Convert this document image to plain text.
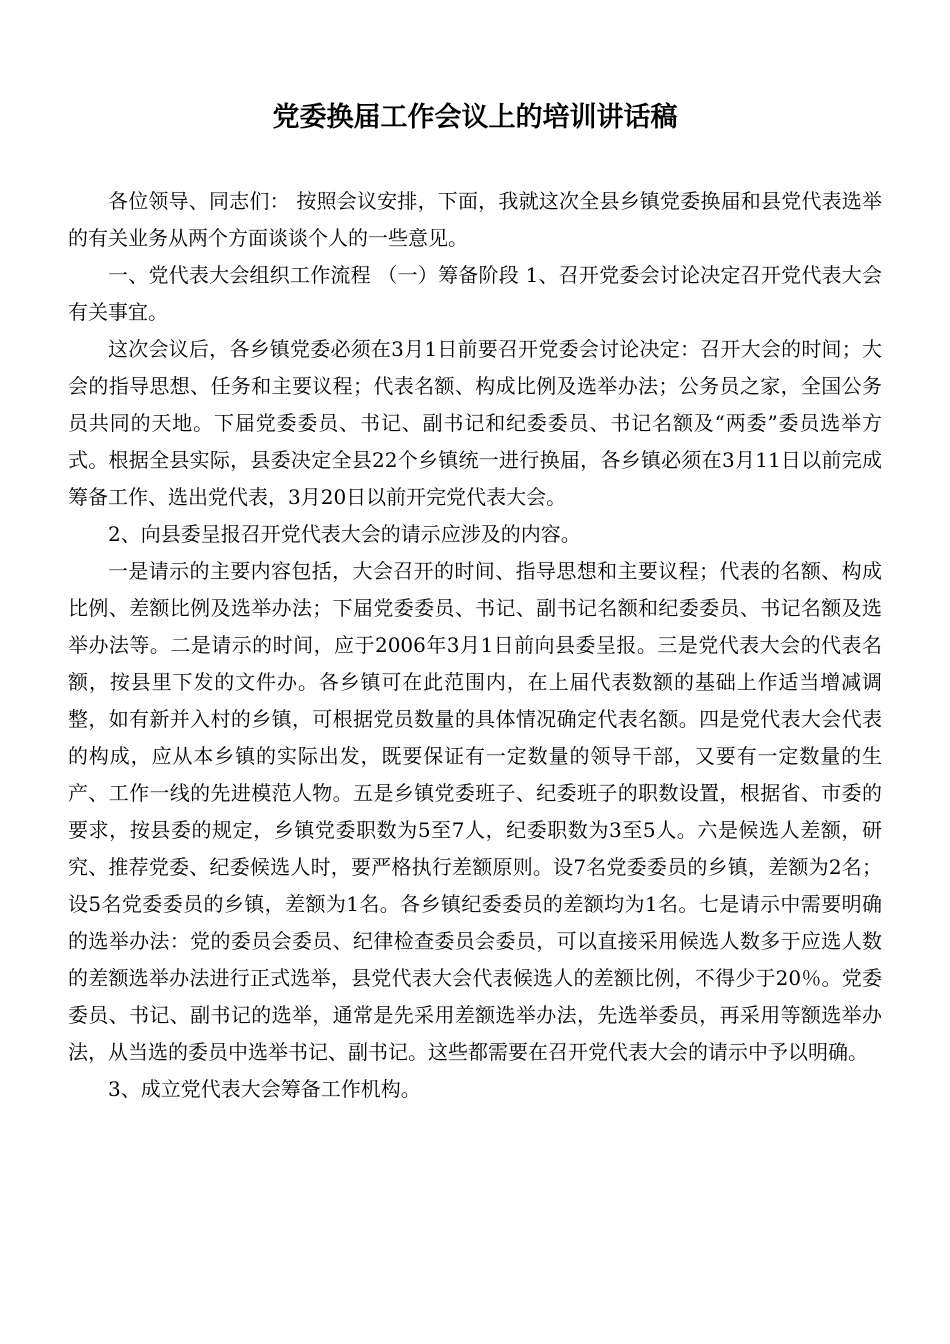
党委换届工作会议上的培训讲话稿

各位领导、同志们： 按照会议安排，下面，我就这次全县乡镇党委换届和县党代表选举的有关业务从两个方面谈谈个人的一些意见。

一、党代表大会组织工作流程 （一）筹备阶段 1、召开党委会讨论决定召开党代表大会有关事宜。

这次会议后，各乡镇党委必须在3月1日前要召开党委会讨论决定：召开大会的时间；大会的指导思想、任务和主要议程；代表名额、构成比例及选举办法；公务员之家，全国公务员共同的天地。下届党委委员、书记、副书记和纪委委员、书记名额及“两委”委员选举方式。根据全县实际，县委决定全县22个乡镇统一进行换届，各乡镇必须在3月11日以前完成筹备工作、选出党代表，3月20日以前开完党代表大会。

2、向县委呈报召开党代表大会的请示应涉及的内容。

一是请示的主要内容包括，大会召开的时间、指导思想和主要议程；代表的名额、构成比例、差额比例及选举办法；下届党委委员、书记、副书记名额和纪委委员、书记名额及选举办法等。二是请示的时间，应于2006年3月1日前向县委呈报。三是党代表大会的代表名额，按县里下发的文件办。各乡镇可在此范围内，在上届代表数额的基础上作适当增减调整，如有新并入村的乡镇，可根据党员数量的具体情况确定代表名额。四是党代表大会代表的构成，应从本乡镇的实际出发，既要保证有一定数量的领导干部，又要有一定数量的生产、工作一线的先进模范人物。五是乡镇党委班子、纪委班子的职数设置，根据省、市委的要求，按县委的规定，乡镇党委职数为5至7人，纪委职数为3至5人。六是候选人差额，研究、推荐党委、纪委候选人时，要严格执行差额原则。设7名党委委员的乡镇，差额为2名；设5名党委委员的乡镇，差额为1名。各乡镇纪委委员的差额均为1名。七是请示中需要明确的选举办法：党的委员会委员、纪律检查委员会委员，可以直接采用候选人数多于应选人数的差额选举办法进行正式选举，县党代表大会代表候选人的差额比例，不得少于20％。党委委员、书记、副书记的选举，通常是先采用差额选举办法，先选举委员，再采用等额选举办法，从当选的委员中选举书记、副书记。这些都需要在召开党代表大会的请示中予以明确。

3、成立党代表大会筹备工作机构。
